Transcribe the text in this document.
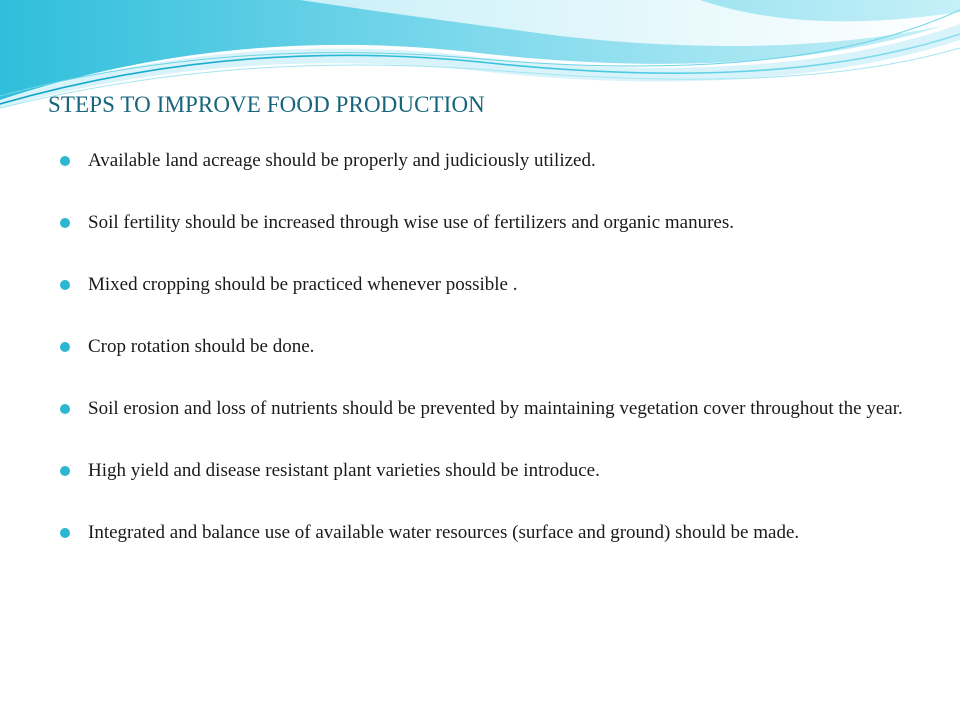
STEPS TO IMPROVE FOOD PRODUCTION
Available land acreage should be properly and judiciously utilized.
Soil fertility should be increased through wise use of fertilizers and organic manures.
Mixed cropping should be practiced whenever possible .
Crop rotation should be done.
Soil erosion and loss of nutrients should be prevented by maintaining vegetation cover throughout the year.
High yield and disease resistant plant varieties should be introduce.
Integrated and balance use of available water resources (surface and ground) should be made.
